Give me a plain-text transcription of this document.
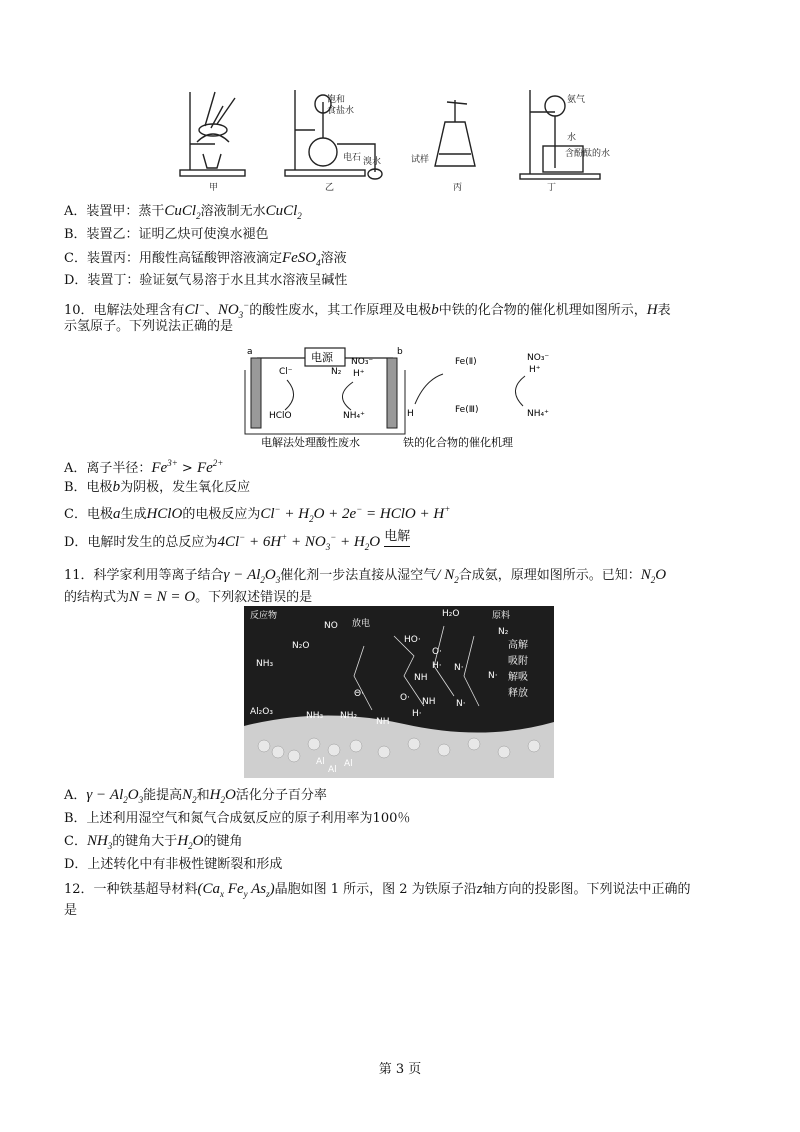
甲
饱和
食盐水
电石 溴水
乙
试样
丙
氨气
水
含酚酞的水
丁
A．装置甲：蒸干CuCl$_2$溶液制无水CuCl$_2$
B．装置乙：证明乙炔可使溴水褪色
C．装置丙：用酸性高锰酸钾溶液滴定FeSO$_4$溶液
D．装置丁：验证氨气易溶于水且其水溶液呈碱性
10．电解法处理含有Cl−、$NO_3^-$的酸性废水，其工作原理及电极b中铁的化合物的催化机理如图所示，H表
示氢原子。下列说法正确的是
电源
a	b
Cl⁻
HClO
N₂
NO₃⁻
H⁺
NH₄⁺	H
Fe(Ⅱ)
Fe(Ⅲ)
NO₃⁻
H⁺
NH₄⁺
电解法处理酸性废水	铁的化合物的催化机理
A．离子半径：$Fe^{3+} > Fe^{2+}$
B．电极b为阴极，发生氧化反应
C．电极a生成HClO的电极反应为$Cl^- + H_2O + 2e^-$ = HClO + H+
D．电解时发生的总反应为$4Cl^- + 6H^+ + NO_3^- + H_2O$ 电解
11．科学家利用等离子结合$\gamma - Al_2O_3$催化剂一步法直接从湿空气/ $N_2$合成氨，原理如图所示。已知：$N_2O$
的结构式为N = N = O。下列叙述错误的是
反应物
放电
原料
NO
N₂O
NH₃
Al₂O₃	NH₃ NH₂
NH
HO·
H₂O
N₂
O·
H· N·
NH	N·
Θ·	O· NH N·
H·
Al
Al
Al
高解
吸附
解吸
释放
A．$\gamma - Al_2O_3$能提高$N_2$和$H_2O$活化分子百分率
B．上述利用湿空气和氮气合成氨反应的原子利用率为100％
C．$NH_3$的键角大于$H_2O$的键角
D．上述转化中有非极性键断裂和形成
12．一种铁基超导材料($Ca_x$ $Fe_y$ $As_z$)晶胞如图 1 所示，图 2 为铁原子沿z轴方向的投影图。下列说法中正确的
是
第 3 页
